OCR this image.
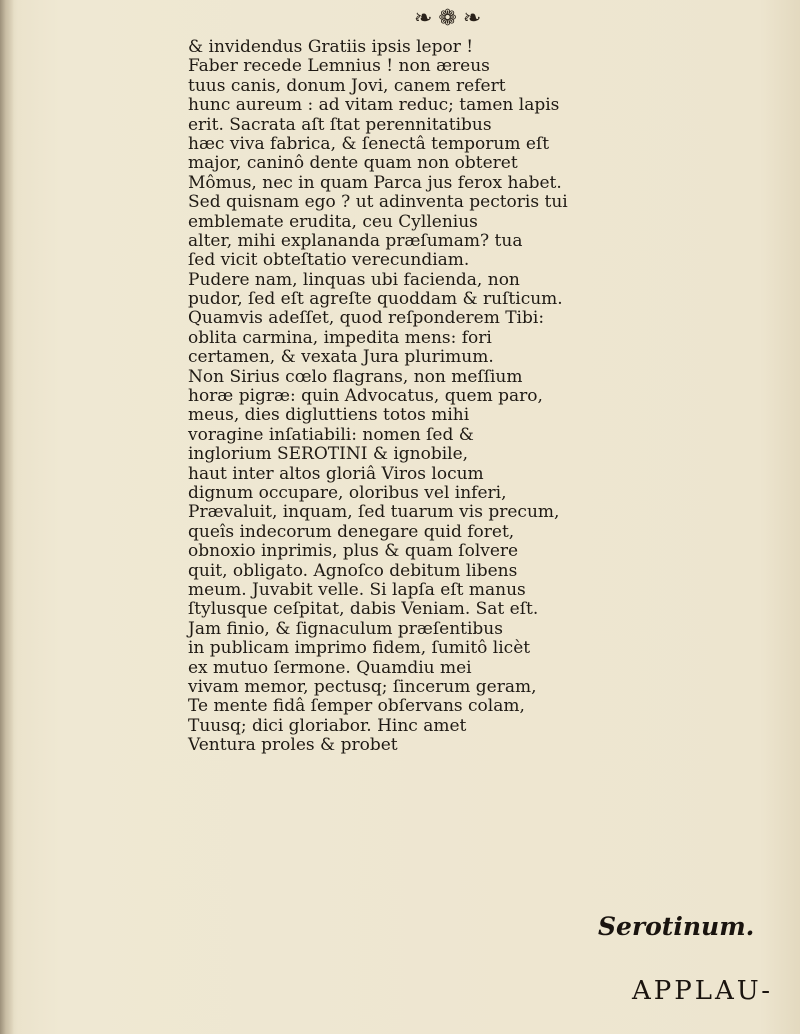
❧❁❧
& invidendus Gratiis ipsis lepor !
Faber recede Lemnius ! non æreus
tuus canis, donum Jovi, canem refert
hunc aureum : ad vitam reduc; tamen lapis
erit. Sacrata aſt ſtat perennitatibus
hæc viva fabrica, & ſenectâ temporum eſt
major, caninô dente quam non obteret
Mômus, nec in quam Parca jus ferox habet.
Sed quisnam ego ? ut adinventa pectoris tui
emblemate erudita, ceu Cyllenius
alter, mihi explananda præſumam? tua
ſed vicit obteſtatio verecundiam.
Pudere nam, linquas ubi facienda, non
pudor, ſed eſt agreſte quoddam & ruſticum.
Quamvis adeſſet, quod reſponderem Tibi:
oblita carmina, impedita mens: fori
certamen, & vexata Jura plurimum.
Non Sirius cœlo flagrans, non meſſium
horæ pigræ: quin Advocatus, quem paro,
meus, dies digluttiens totos mihi
voragine inſatiabili: nomen ſed &
inglorium SEROTINI & ignobile,
haut inter altos gloriâ Viros locum
dignum occupare, oloribus vel inferi,
Prævaluit, inquam, ſed tuarum vis precum,
queîs indecorum denegare quid foret,
obnoxio inprimis, plus & quam ſolvere
quit, obligato. Agnoſco debitum libens
meum. Juvabit velle. Si lapſa eſt manus
ſtylusque ceſpitat, dabis Veniam. Sat eſt.
Jam finio, & ſignaculum præſentibus
in publicam imprimo fidem, ſumitô licèt
ex mutuo ſermone. Quamdiu mei
vivam memor, pectusq; ſincerum geram,
Te mente fidâ ſemper obſervans colam,
Tuusq; dici gloriabor. Hinc amet
Ventura proles & probet
Serotinum.
APPLAU-
